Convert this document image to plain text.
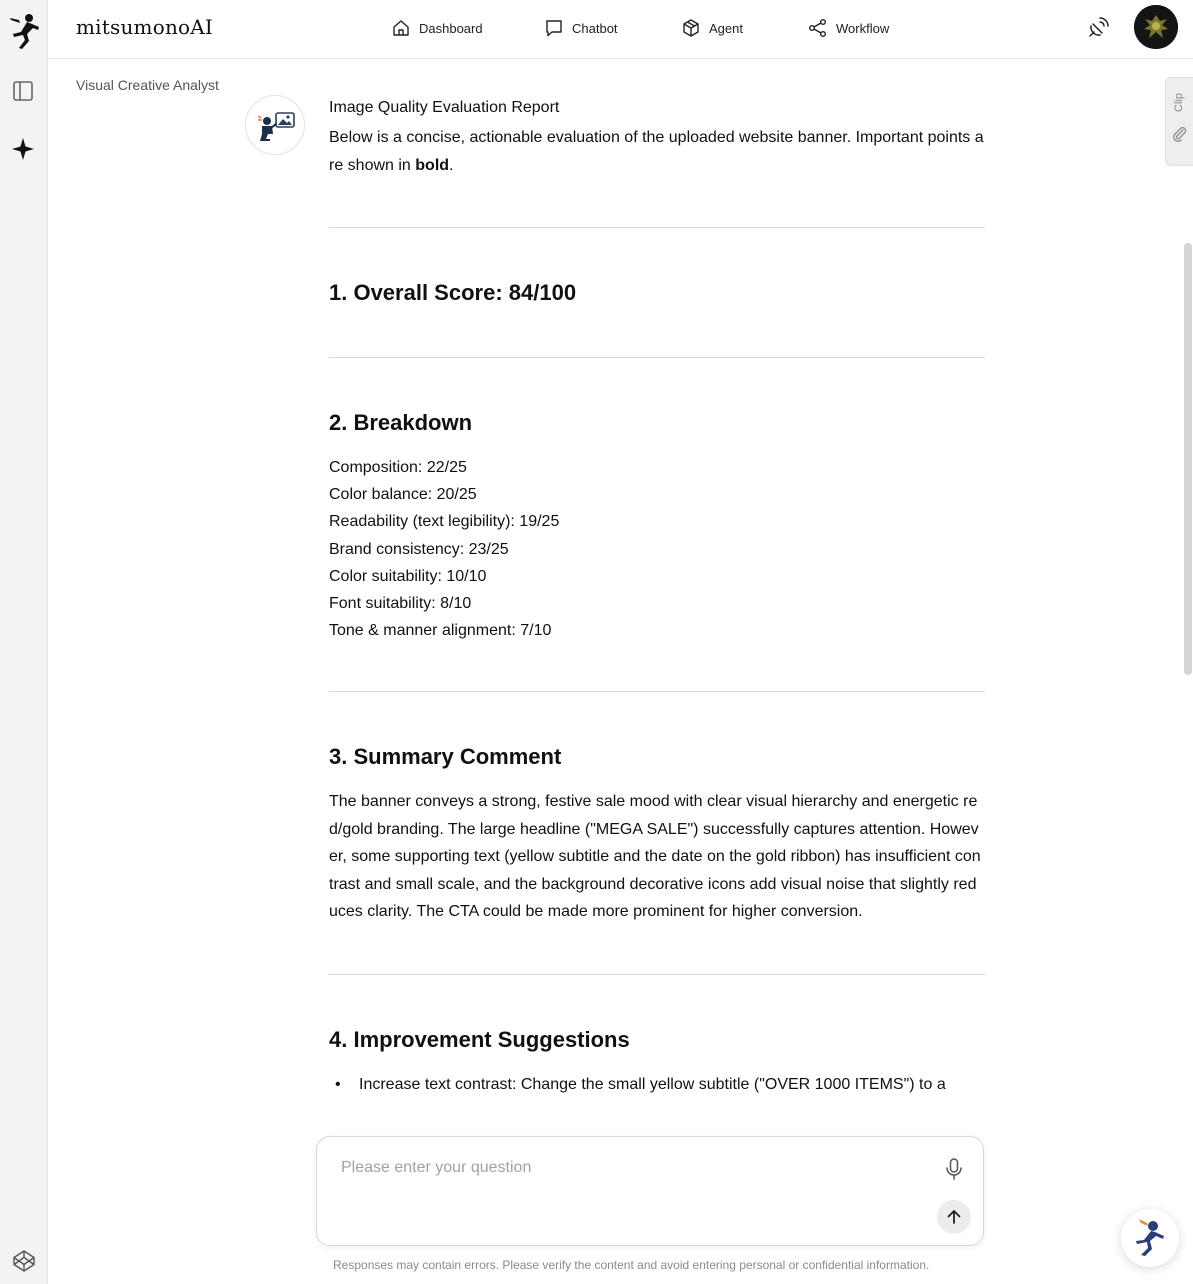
mitsumonoAI	Dashboard	Chatbot	Agent	Workflow
Visual Creative Analyst
Clip
Image Quality Evaluation Report
Below is a concise, actionable evaluation of the uploaded website banner. Important points are shown in bold.
1. Overall Score: 84/100
2. Breakdown
Composition: 22/25
Color balance: 20/25
Readability (text legibility): 19/25
Brand consistency: 23/25
Color suitability: 10/10
Font suitability: 8/10
Tone & manner alignment: 7/10
3. Summary Comment

The banner conveys a strong, festive sale mood with clear visual hierarchy and energetic red/gold branding. The large headline ("MEGA SALE") successfully captures attention. However, some supporting text (yellow subtitle and the date on the gold ribbon) has insufficient contrast and small scale, and the background decorative icons add visual noise that slightly reduces clarity. The CTA could be made more prominent for higher conversion.

4. Improvement Suggestions
• Increase text contrast: Change the small yellow subtitle ("OVER 1000 ITEMS") to a
Please enter your question
Responses may contain errors. Please verify the content and avoid entering personal or confidential information.
